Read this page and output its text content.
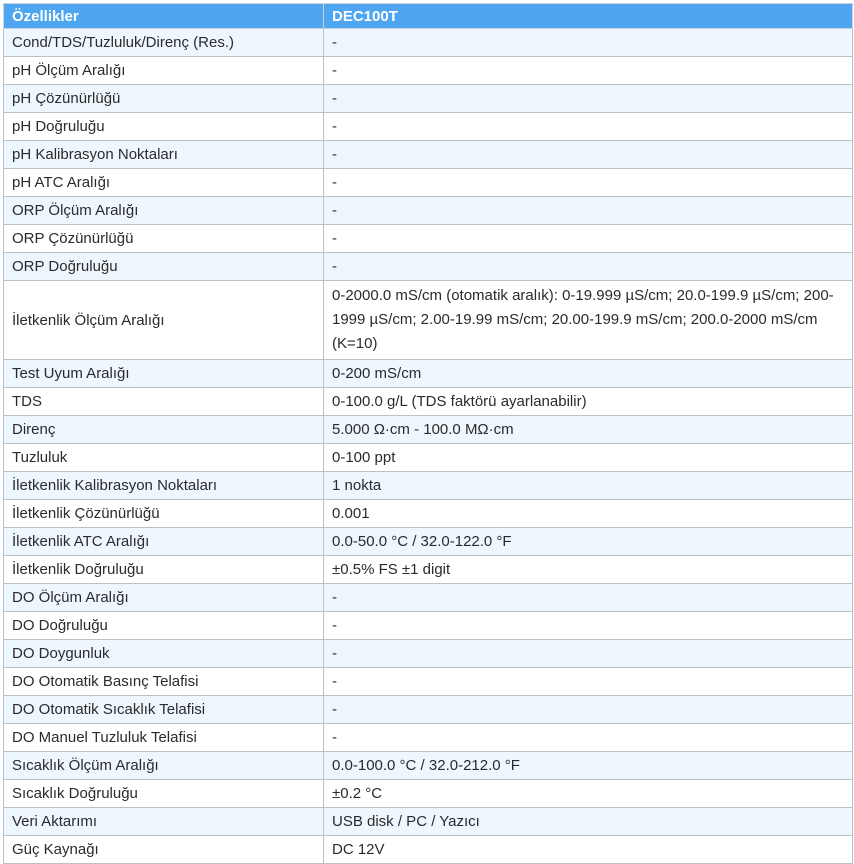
Özellikler	DEC100T
Cond/TDS/Tuzluluk/Direnç (Res.)	-
pH Ölçüm Aralığı	-
pH Çözünürlüğü	-
pH Doğruluğu	-
pH Kalibrasyon Noktaları	-
pH ATC Aralığı	-
ORP Ölçüm Aralığı	-
ORP Çözünürlüğü	-
ORP Doğruluğu	-
İletkenlik Ölçüm Aralığı	0-2000.0 mS/cm (otomatik aralık): 0-19.999 µS/cm; 20.0-199.9 µS/cm; 200-1999 µS/cm; 2.00-19.99 mS/cm; 20.00-199.9 mS/cm; 200.0-2000 mS/cm (K=10)
Test Uyum Aralığı	0-200 mS/cm
TDS	0-100.0 g/L (TDS faktörü ayarlanabilir)
Direnç	5.000 Ω·cm - 100.0 MΩ·cm
Tuzluluk	0-100 ppt
İletkenlik Kalibrasyon Noktaları	1 nokta
İletkenlik Çözünürlüğü	0.001
İletkenlik ATC Aralığı	0.0-50.0 °C / 32.0-122.0 °F
İletkenlik Doğruluğu	±0.5% FS ±1 digit
DO Ölçüm Aralığı	-
DO Doğruluğu	-
DO Doygunluk	-
DO Otomatik Basınç Telafisi	-
DO Otomatik Sıcaklık Telafisi	-
DO Manuel Tuzluluk Telafisi	-
Sıcaklık Ölçüm Aralığı	0.0-100.0 °C / 32.0-212.0 °F
Sıcaklık Doğruluğu	±0.2 °C
Veri Aktarımı	USB disk / PC / Yazıcı
Güç Kaynağı	DC 12V
